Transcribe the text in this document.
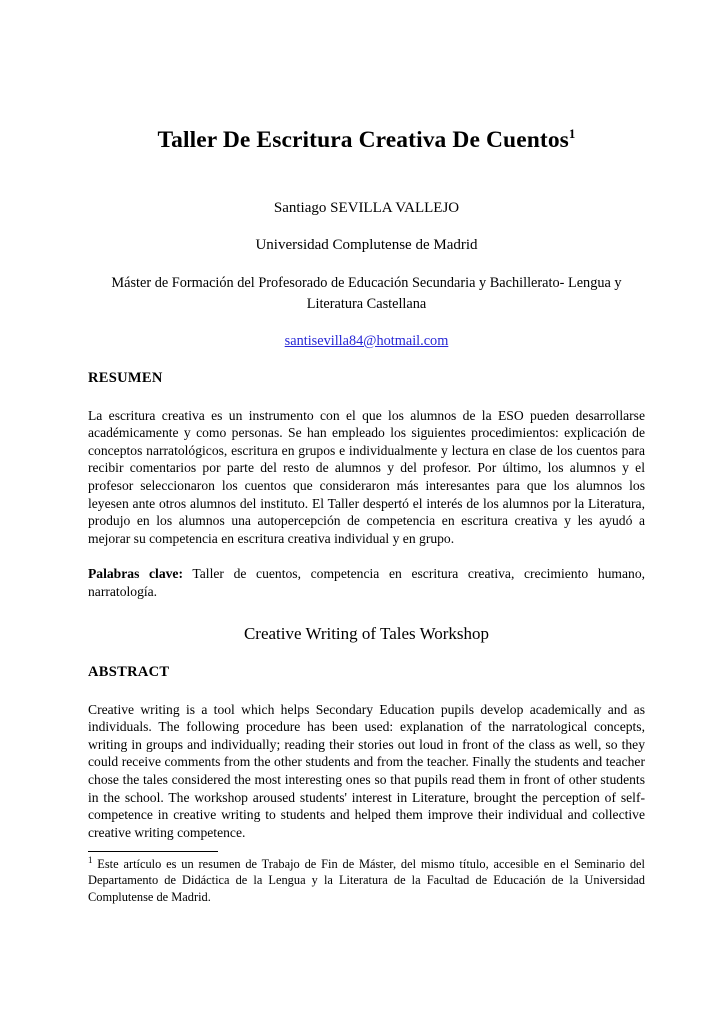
Taller De Escritura Creativa De Cuentos$^1$

Santiago SEVILLA VALLEJO

Universidad Complutense de Madrid

Máster de Formación del Profesorado de Educación Secundaria y Bachillerato- Lengua y Literatura Castellana

santisevilla84@hotmail.com

RESUMEN

La escritura creativa es un instrumento con el que los alumnos de la ESO pueden desarrollarse académicamente y como personas. Se han empleado los siguientes procedimientos: explicación de conceptos narratológicos, escritura en grupos e individualmente y lectura en clase de los cuentos para recibir comentarios por parte del resto de alumnos y del profesor. Por último, los alumnos y el profesor seleccionaron los cuentos que consideraron más interesantes para que los alumnos los leyesen ante otros alumnos del instituto. El Taller despertó el interés de los alumnos por la Literatura, produjo en los alumnos una autopercepción de competencia en escritura creativa y les ayudó a mejorar su competencia en escritura creativa individual y en grupo.

Palabras clave: Taller de cuentos, competencia en escritura creativa, crecimiento humano, narratología.

Creative Writing of Tales Workshop
ABSTRACT

Creative writing is a tool which helps Secondary Education pupils develop academically and as individuals. The following procedure has been used: explanation of the narratological concepts, writing in groups and individually; reading their stories out loud in front of the class as well, so they could receive comments from the other students and from the teacher. Finally the students and teacher chose the tales considered the most interesting ones so that pupils read them in front of other students in the school. The workshop aroused students' interest in Literature, brought the perception of self-competence in creative writing to students and helped them improve their individual and collective creative writing competence.

$^1$ Este artículo es un resumen de Trabajo de Fin de Máster, del mismo título, accesible en el Seminario del Departamento de Didáctica de la Lengua y la Literatura de la Facultad de Educación de la Universidad Complutense de Madrid.
